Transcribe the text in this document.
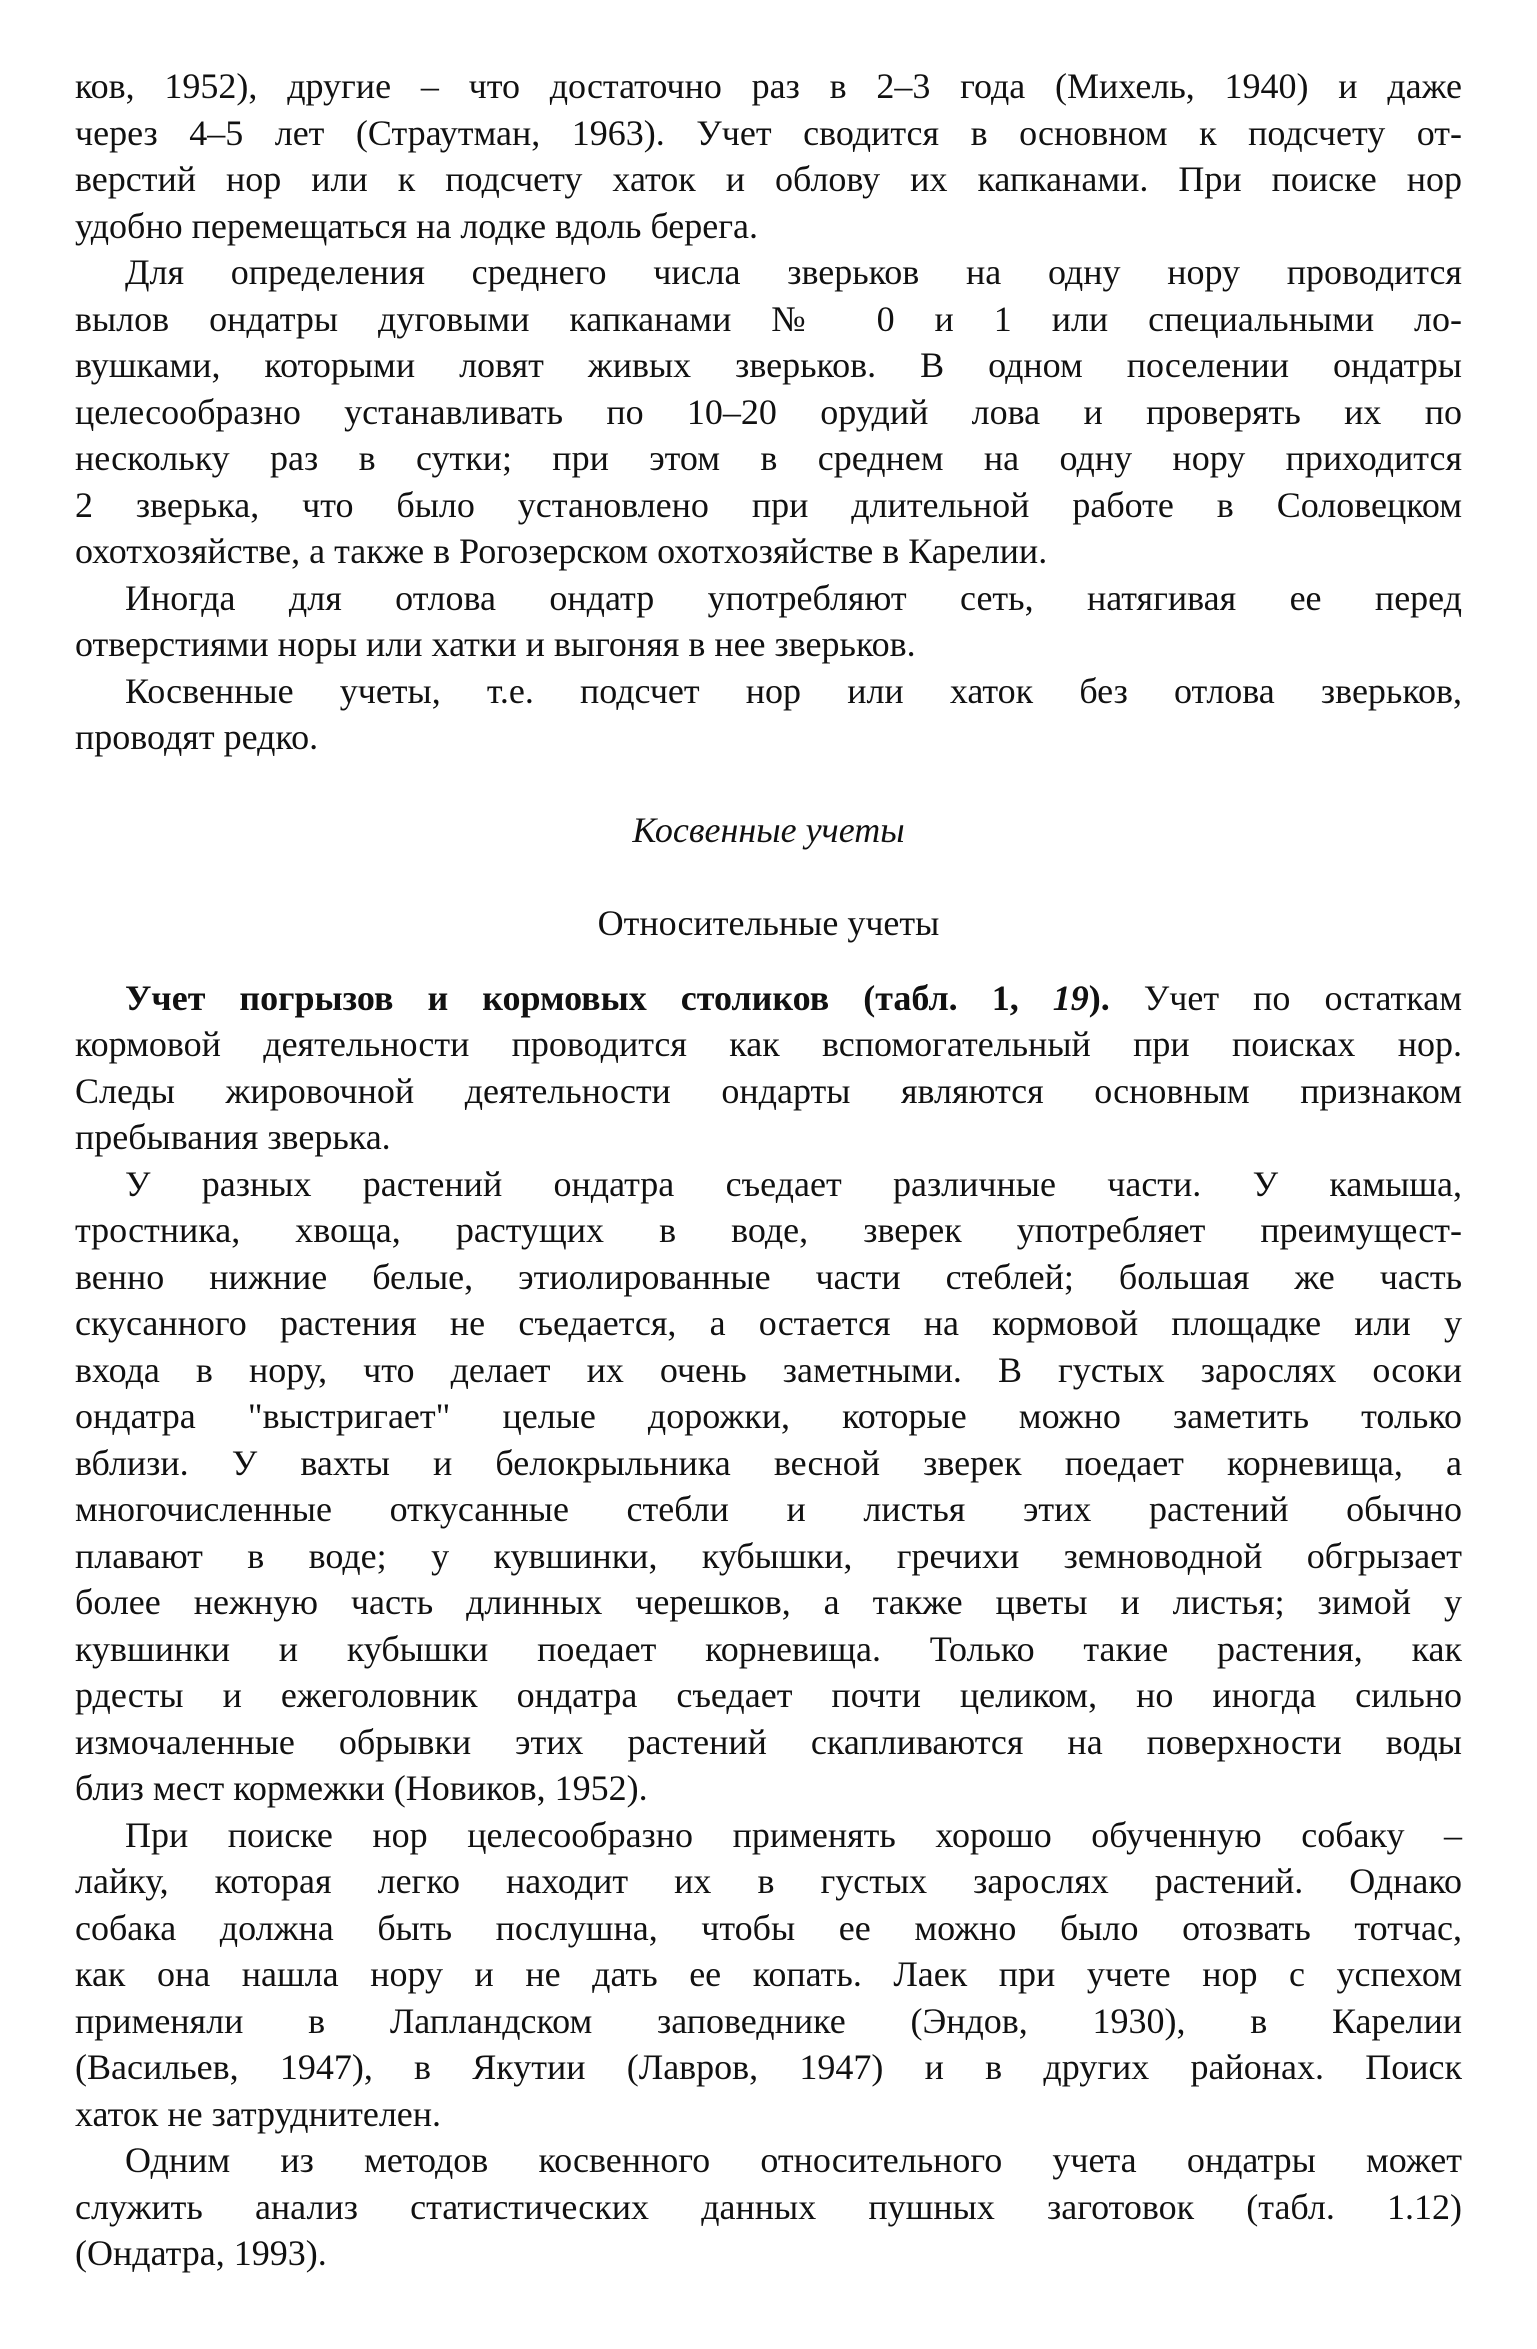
ков, 1952), другие – что достаточно раз в 2–3 года (Михель, 1940) и даже
через 4–5 лет (Страутман, 1963). Учет сводится в основном к подсчету от-
верстий нор или к подсчету хаток и облову их капканами. При поиске нор
удобно перемещаться на лодке вдоль берега.
Для определения среднего числа зверьков на одну нору проводится
вылов ондатры дуговыми капканами № 0 и 1 или специальными ло-
вушками, которыми ловят живых зверьков. В одном поселении ондатры
целесообразно устанавливать по 10–20 орудий лова и проверять их по
нескольку раз в сутки; при этом в среднем на одну нору приходится
2 зверька, что было установлено при длительной работе в Соловецком
охотхозяйстве, а также в Рогозерском охотхозяйстве в Карелии.
Иногда для отлова ондатр употребляют сеть, натягивая ее перед
отверстиями норы или хатки и выгоняя в нее зверьков.
Косвенные учеты, т.е. подсчет нор или хаток без отлова зверьков,
проводят редко.
Косвенные учеты
Относительные учеты
Учет погрызов и кормовых столиков (табл. 1, 19). Учет по остаткам
кормовой деятельности проводится как вспомогательный при поисках нор.
Следы жировочной деятельности ондарты являются основным признаком
пребывания зверька.
У разных растений ондатра съедает различные части. У камыша,
тростника, хвоща, растущих в воде, зверек употребляет преимущест-
венно нижние белые, этиолированные части стеблей; большая же часть
скусанного растения не съедается, а остается на кормовой площадке или у
входа в нору, что делает их очень заметными. В густых зарослях осоки
ондатра "выстригает" целые дорожки, которые можно заметить только
вблизи. У вахты и белокрыльника весной зверек поедает корневища, а
многочисленные откусанные стебли и листья этих растений обычно
плавают в воде; у кувшинки, кубышки, гречихи земноводной обгрызает
более нежную часть длинных черешков, а также цветы и листья; зимой у
кувшинки и кубышки поедает корневища. Только такие растения, как
рдесты и ежеголовник ондатра съедает почти целиком, но иногда сильно
измочаленные обрывки этих растений скапливаются на поверхности воды
близ мест кормежки (Новиков, 1952).
При поиске нор целесообразно применять хорошо обученную собаку –
лайку, которая легко находит их в густых зарослях растений. Однако
собака должна быть послушна, чтобы ее можно было отозвать тотчас,
как она нашла нору и не дать ее копать. Лаек при учете нор с успехом
применяли в Лапландском заповеднике (Эндов, 1930), в Карелии
(Васильев, 1947), в Якутии (Лавров, 1947) и в других районах. Поиск
хаток не затруднителен.
Одним из методов косвенного относительного учета ондатры может
служить анализ статистических данных пушных заготовок (табл. 1.12)
(Ондатра, 1993).
